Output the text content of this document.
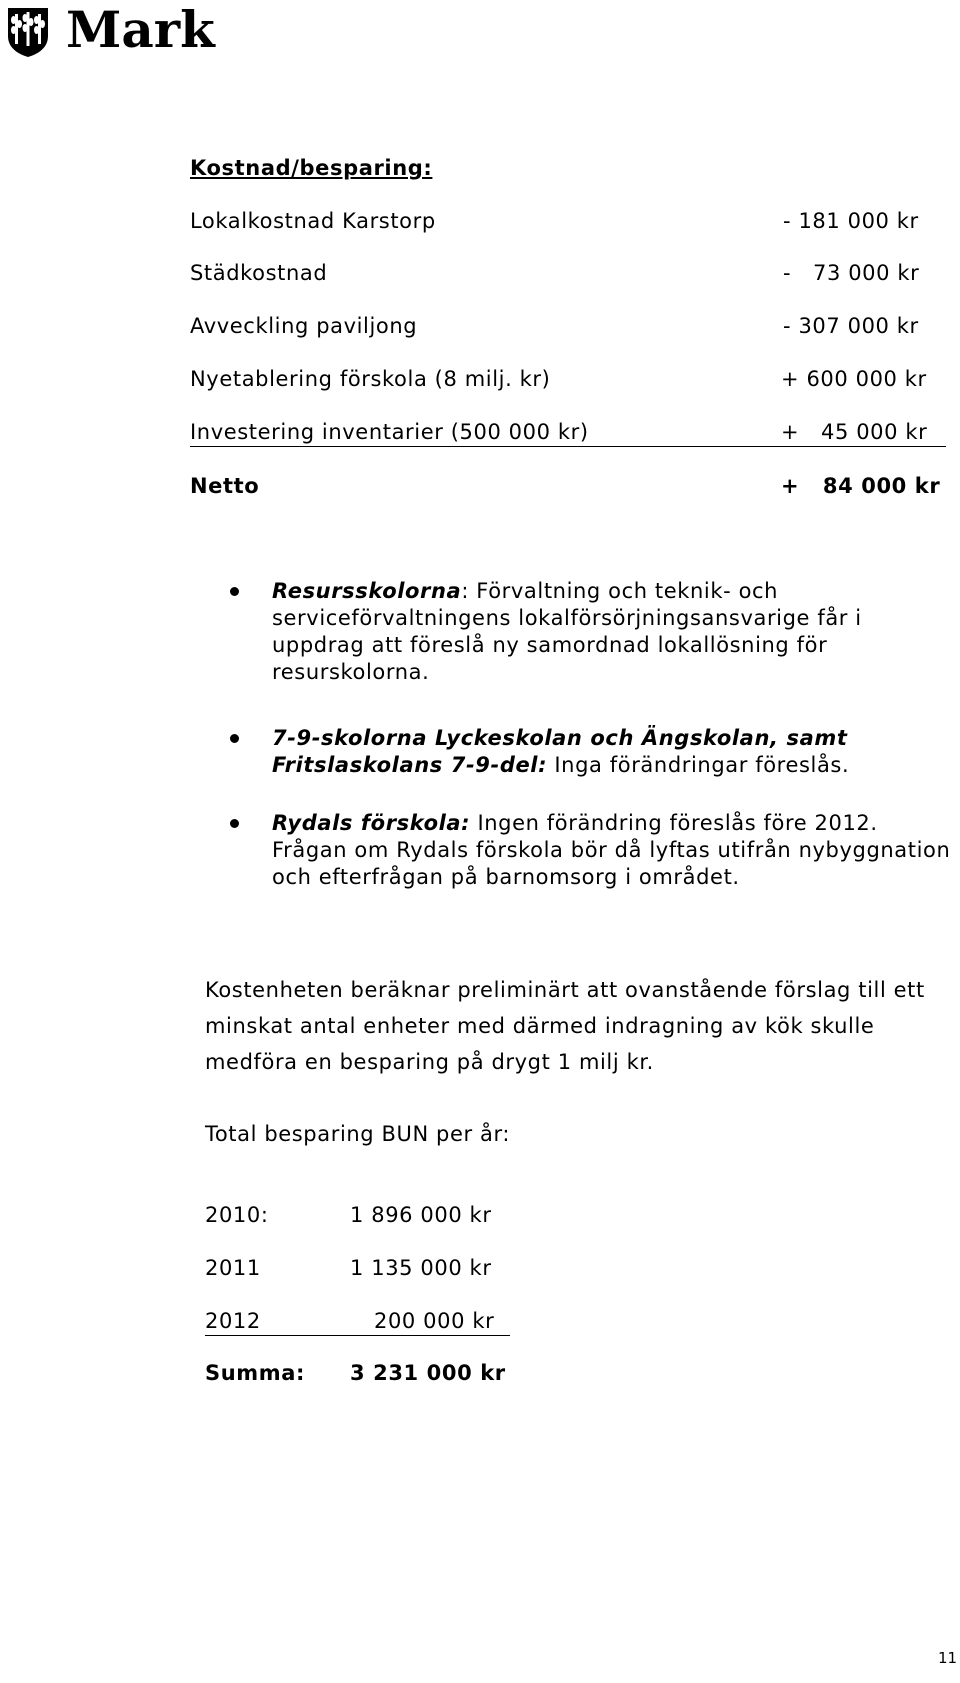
Mark
Kostnad/besparing:
Lokalkostnad Karstorp	- 181 000 kr
Städkostnad	-   73 000 kr
Avveckling paviljong	- 307 000 kr
Nyetablering förskola (8 milj. kr)	+ 600 000 kr
Investering inventarier (500 000 kr)	+   45 000 kr
Netto	+   84 000 kr
Resursskolorna: Förvaltning och teknik- och serviceförvaltningens lokalförsörjningsansvarige får i uppdrag att föreslå ny samordnad lokallösning för resurskolorna.
7-9-skolorna Lyckeskolan och Ängskolan, samt Fritslaskolans 7-9-del: Inga förändringar föreslås.
Rydals förskola: Ingen förändring föreslås före 2012. Frågan om Rydals förskola bör då lyftas utifrån nybyggnation och efterfrågan på barnomsorg i området.
Kostenheten beräknar preliminärt att ovanstående förslag till ett minskat antal enheter med därmed indragning av kök skulle medföra en besparing på drygt 1 milj kr.
Total besparing BUN per år:
2010:	1 896 000 kr
2011	1 135 000 kr
2012	200 000 kr
Summa: 3 231 000 kr
11
